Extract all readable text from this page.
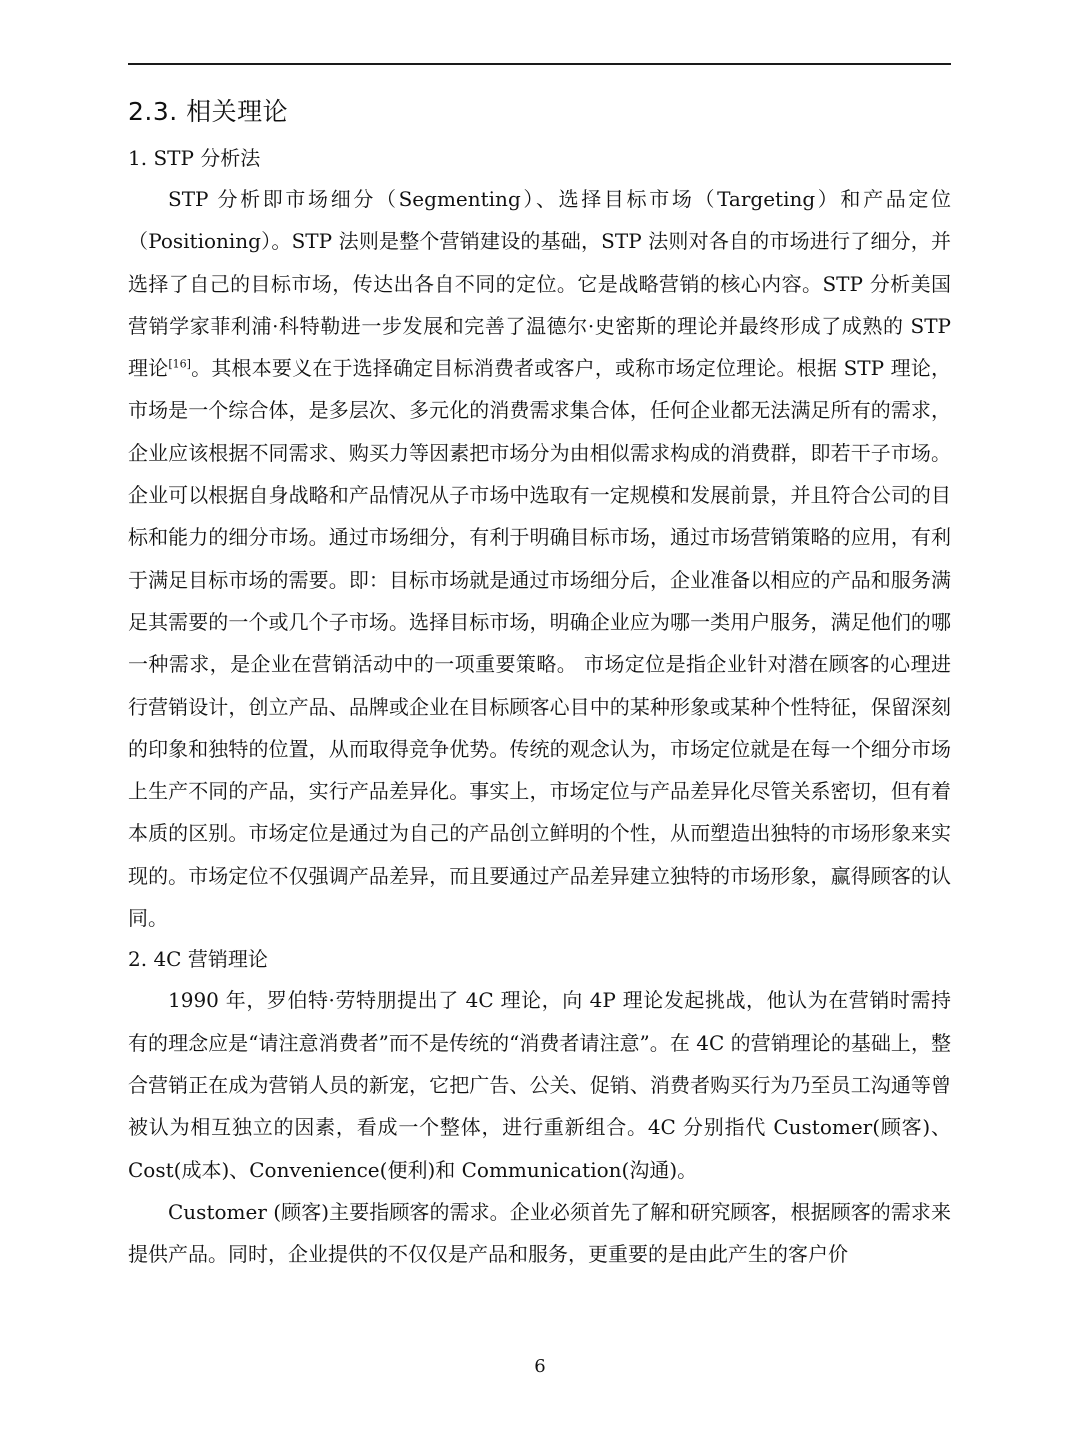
2.3. 相关理论

1. STP 分析法

STP 分析即市场细分（Segmenting）、选择目标市场（Targeting）和产品定位（Positioning）。STP 法则是整个营销建设的基础，STP 法则对各自的市场进行了细分，并选择了自己的目标市场，传达出各自不同的定位。它是战略营销的核心内容。STP 分析美国营销学家菲利浦·科特勒进一步发展和完善了温德尔·史密斯的理论并最终形成了成熟的 STP 理论[16]。其根本要义在于选择确定目标消费者或客户，或称市场定位理论。根据 STP 理论，市场是一个综合体，是多层次、多元化的消费需求集合体，任何企业都无法满足所有的需求，企业应该根据不同需求、购买力等因素把市场分为由相似需求构成的消费群，即若干子市场。企业可以根据自身战略和产品情况从子市场中选取有一定规模和发展前景，并且符合公司的目标和能力的细分市场。通过市场细分，有利于明确目标市场，通过市场营销策略的应用，有利于满足目标市场的需要。即：目标市场就是通过市场细分后，企业准备以相应的产品和服务满足其需要的一个或几个子市场。选择目标市场，明确企业应为哪一类用户服务，满足他们的哪一种需求，是企业在营销活动中的一项重要策略。 市场定位是指企业针对潜在顾客的心理进行营销设计，创立产品、品牌或企业在目标顾客心目中的某种形象或某种个性特征，保留深刻的印象和独特的位置，从而取得竞争优势。传统的观念认为，市场定位就是在每一个细分市场上生产不同的产品，实行产品差异化。事实上，市场定位与产品差异化尽管关系密切，但有着本质的区别。市场定位是通过为自己的产品创立鲜明的个性，从而塑造出独特的市场形象来实现的。市场定位不仅强调产品差异，而且要通过产品差异建立独特的市场形象，赢得顾客的认同。

2. 4C 营销理论

1990 年，罗伯特·劳特朋提出了 4C 理论，向 4P 理论发起挑战，他认为在营销时需持有的理念应是“请注意消费者”而不是传统的“消费者请注意”。在 4C 的营销理论的基础上，整合营销正在成为营销人员的新宠，它把广告、公关、促销、消费者购买行为乃至员工沟通等曾被认为相互独立的因素，看成一个整体，进行重新组合。4C 分别指代 Customer(顾客)、Cost(成本)、Convenience(便利)和 Communication(沟通)。

Customer (顾客)主要指顾客的需求。企业必须首先了解和研究顾客，根据顾客的需求来提供产品。同时，企业提供的不仅仅是产品和服务，更重要的是由此产生的客户价

6
